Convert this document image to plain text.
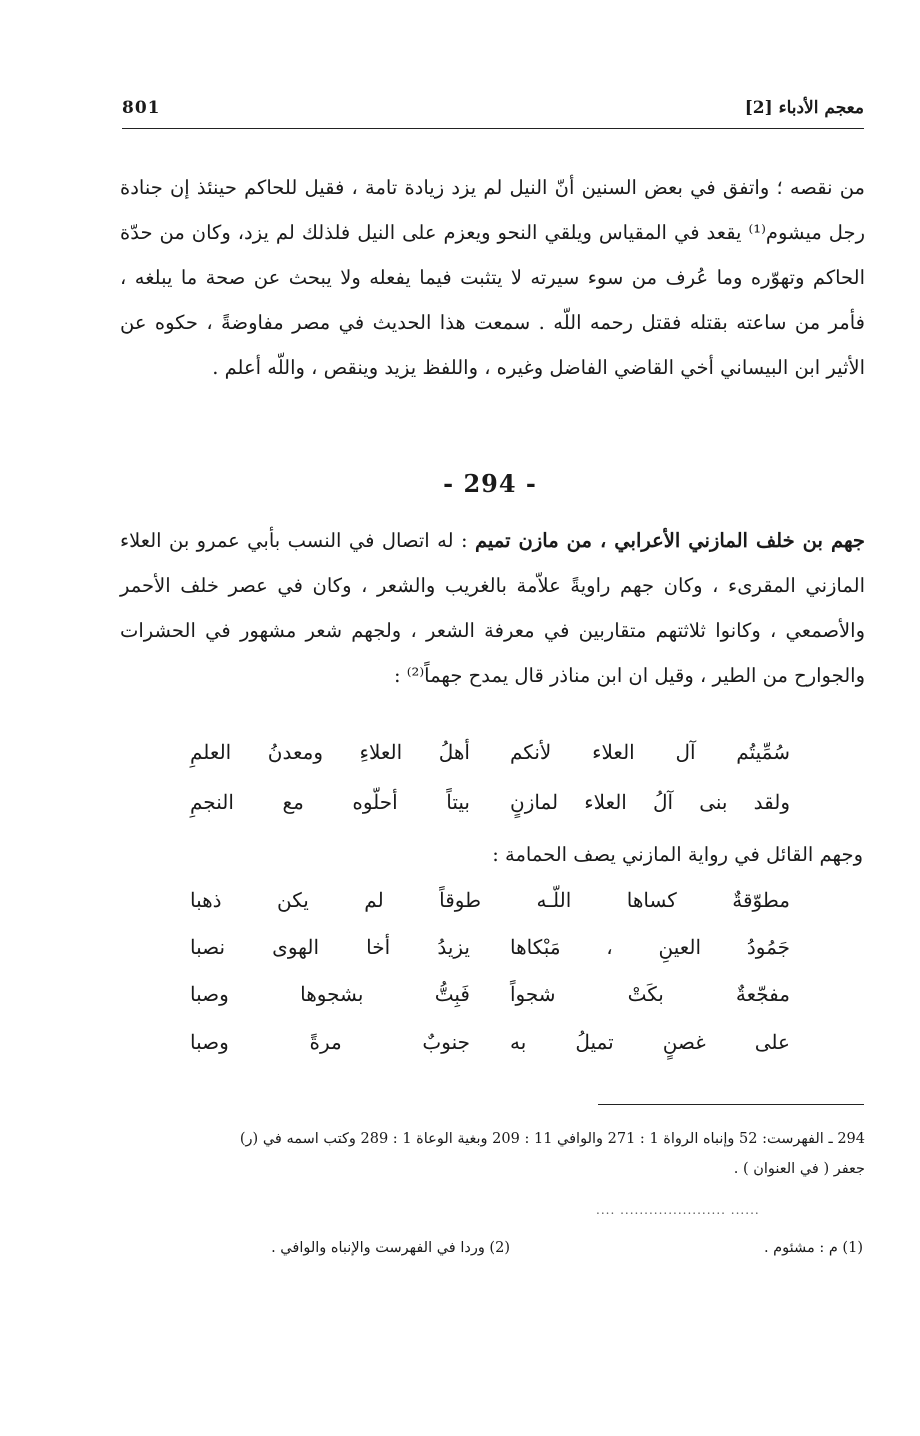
معجم الأدباء [2]
801

من نقصه ؛ واتفق في بعض السنين أنّ النيل لم يزد زيادة تامة ، فقيل للحاكم حينئذ إن جنادة رجل ميشوم⁽¹⁾ يقعد في المقياس ويلقي النحو ويعزم على النيل فلذلك لم يزد، وكان من حدّة الحاكم وتهوّره وما عُرف من سوء سيرته لا يتثبت فيما يفعله ولا يبحث عن صحة ما يبلغه ، فأمر من ساعته بقتله فقتل رحمه اللّه . سمعت هذا الحديث في مصر مفاوضةً ، حكوه عن الأثير ابن البيساني أخي القاضي الفاضل وغيره ، واللفظ يزيد وينقص ، واللّه أعلم .

- 294 -

جهم بن خلف المازني الأعرابي ، من مازن تميم : له اتصال في النسب بأبي عمرو بن العلاء المازني المقرىء ، وكان جهم راويةً علاّمة بالغريب والشعر ، وكان في عصر خلف الأحمر والأصمعي ، وكانوا ثلاثتهم متقاربين في معرفة الشعر ، ولجهم شعر مشهور في الحشرات والجوارح من الطير ، وقيل ان ابن مناذر قال يمدح جهماً⁽²⁾ :

سُمِّيتُم آل العلاء لأنكم
أهلُ العلاءِ ومعدنُ العلمِ
ولقد بنى آلُ العلاء لمازنٍ
بيتاً أحلّوه مع النجمِ
وجهم القائل في رواية المازني يصف الحمامة :
مطوّقةٌ كساها اللّـه طوقاً لم يكن ذهبا
جَمُودُ العينِ ، مَبْكاها
يزيدُ أخا الهوى نصبا
مفجّعةٌ بكَتْ شجواً
فَبِتُّ بشجوها وصبا
على غصنٍ تميلُ به
جنوبٌ مرةً وصبا
294 ـ الفهرست: 52 وإنباه الرواة 1 : 271 والوافي 11 : 209 وبغية الوعاة 1 : 289 وكتب اسمه في (ر)
جعفر ( في العنوان ) .
.... ...................... ......
(1) م : مشئوم .
(2) وردا في الفهرست والإنباه والوافي .
